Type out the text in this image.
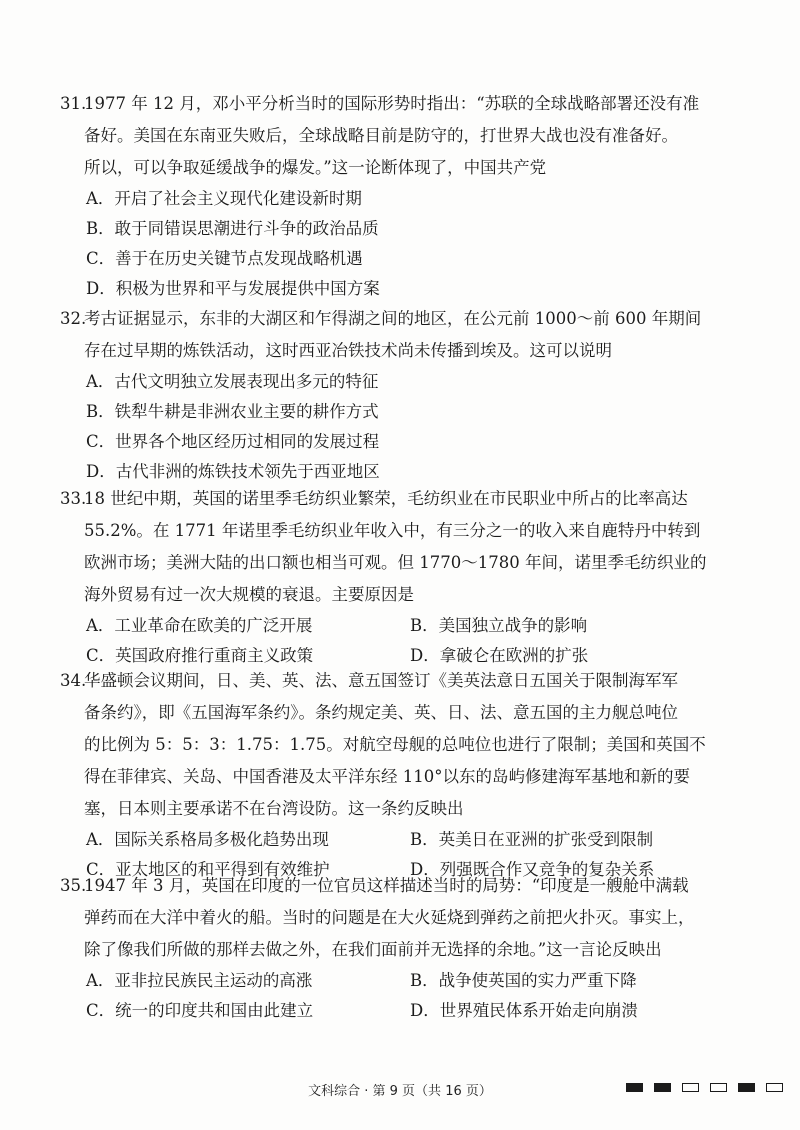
31.
1977 年 12 月，邓小平分析当时的国际形势时指出：“苏联的全球战略部署还没有准
备好。美国在东南亚失败后，全球战略目前是防守的，打世界大战也没有准备好。
所以，可以争取延缓战争的爆发。”这一论断体现了，中国共产党
A．开启了社会主义现代化建设新时期
B．敢于同错误思潮进行斗争的政治品质
C．善于在历史关键节点发现战略机遇
D．积极为世界和平与发展提供中国方案
32.
考古证据显示，东非的大湖区和乍得湖之间的地区，在公元前 1000～前 600 年期间
存在过早期的炼铁活动，这时西亚冶铁技术尚未传播到埃及。这可以说明
A．古代文明独立发展表现出多元的特征
B．铁犁牛耕是非洲农业主要的耕作方式
C．世界各个地区经历过相同的发展过程
D．古代非洲的炼铁技术领先于西亚地区
33.
18 世纪中期，英国的诺里季毛纺织业繁荣，毛纺织业在市民职业中所占的比率高达
55.2%。在 1771 年诺里季毛纺织业年收入中，有三分之一的收入来自鹿特丹中转到
欧洲市场；美洲大陆的出口额也相当可观。但 1770～1780 年间，诺里季毛纺织业的
海外贸易有过一次大规模的衰退。主要原因是
A．工业革命在欧美的广泛开展	B．美国独立战争的影响
C．英国政府推行重商主义政策	D．拿破仑在欧洲的扩张
34.
华盛顿会议期间，日、美、英、法、意五国签订《美英法意日五国关于限制海军军
备条约》，即《五国海军条约》。条约规定美、英、日、法、意五国的主力舰总吨位
的比例为 5：5：3：1.75：1.75。对航空母舰的总吨位也进行了限制；美国和英国不
得在菲律宾、关岛、中国香港及太平洋东经 110°以东的岛屿修建海军基地和新的要
塞，日本则主要承诺不在台湾设防。这一条约反映出
A．国际关系格局多极化趋势出现	B．英美日在亚洲的扩张受到限制
C．亚太地区的和平得到有效维护	D．列强既合作又竞争的复杂关系
35.
1947 年 3 月，英国在印度的一位官员这样描述当时的局势：“印度是一艘舱中满载
弹药而在大洋中着火的船。当时的问题是在大火延烧到弹药之前把火扑灭。事实上，
除了像我们所做的那样去做之外，在我们面前并无选择的余地。”这一言论反映出
A．亚非拉民族民主运动的高涨	B．战争使英国的实力严重下降
C．统一的印度共和国由此建立	D．世界殖民体系开始走向崩溃
文科综合 · 第 9 页（共 16 页）
